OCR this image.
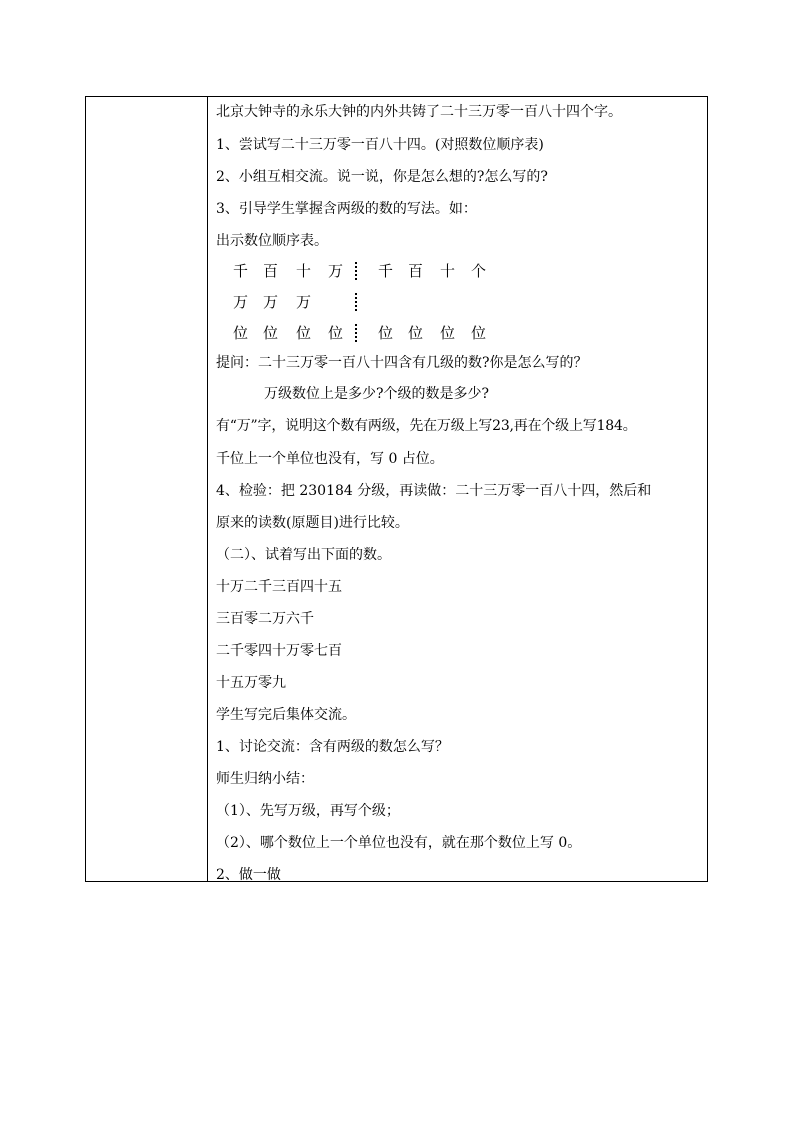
北京大钟寺的永乐大钟的内外共铸了二十三万零一百八十四个字。
1、尝试写二十三万零一百八十四。(对照数位顺序表)
2、小组互相交流。说一说，你是怎么想的?怎么写的?
3、引导学生掌握含两级的数的写法。如：
出示数位顺序表。
千 百 十 万 千 百 十 个
万 万 万
位 位 位 位 位 位 位 位
提问：二十三万零一百八十四含有几级的数?你是怎么写的？
万级数位上是多少?个级的数是多少?
有“万”字，说明这个数有两级，先在万级上写23,再在个级上写184。
千位上一个单位也没有，写 0 占位。
4、检验：把 230184 分级，再读做：二十三万零一百八十四，然后和
原来的读数(原题目)进行比较。
（二）、试着写出下面的数。
十万二千三百四十五
三百零二万六千
二千零四十万零七百
十五万零九
学生写完后集体交流。
1、讨论交流：含有两级的数怎么写？
师生归纳小结：
（1）、先写万级，再写个级；
（2）、哪个数位上一个单位也没有，就在那个数位上写 0。
2、做一做
